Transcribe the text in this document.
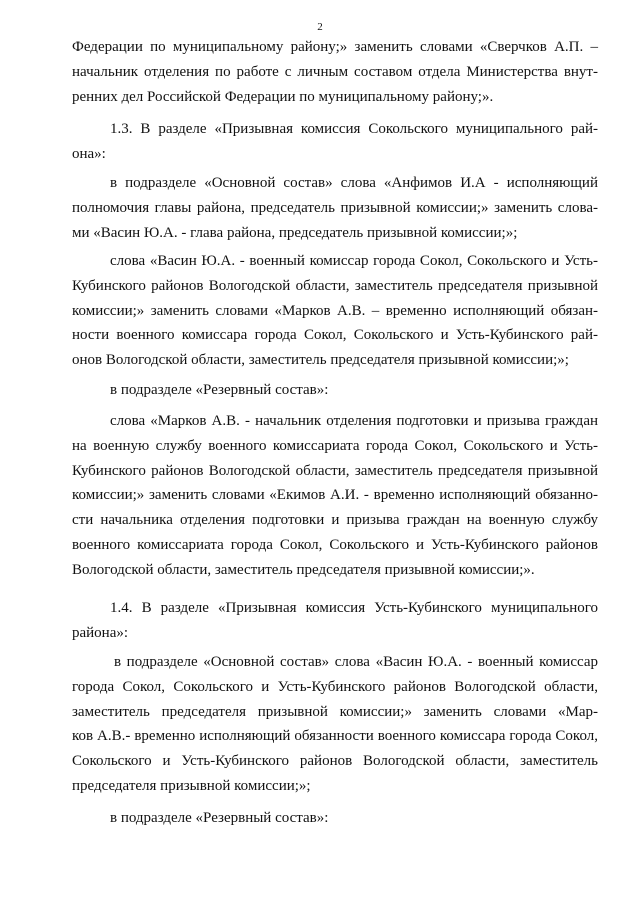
2
Федерации по муниципальному району;» заменить словами «Сверчков А.П. –
начальник отделения по работе с личным составом отдела Министерства внут-
ренних дел Российской Федерации по муниципальному району;».
1.3. В разделе «Призывная комиссия Сокольского муниципального рай-
она»:
в подразделе «Основной состав» слова «Анфимов И.А - исполняющий
полномочия главы района, председатель призывной комиссии;» заменить слова-
ми «Васин Ю.А. - глава района, председатель призывной комиссии;»;
слова «Васин Ю.А. - военный комиссар города Сокол, Сокольского и Усть-
Кубинского районов Вологодской области, заместитель председателя призывной
комиссии;» заменить словами «Марков А.В. – временно исполняющий обязан-
ности военного комиссара города Сокол, Сокольского и Усть-Кубинского рай-
онов Вологодской области, заместитель председателя призывной комиссии;»;
в подразделе «Резервный состав»:
слова «Марков А.В. - начальник отделения подготовки и призыва граждан
на военную службу военного комиссариата города Сокол, Сокольского и Усть-
Кубинского районов Вологодской области, заместитель председателя призывной
комиссии;» заменить словами «Екимов А.И. - временно исполняющий обязанно-
сти начальника отделения подготовки и призыва граждан на военную службу
военного комиссариата города Сокол, Сокольского и Усть-Кубинского районов
Вологодской области, заместитель председателя призывной комиссии;».
1.4. В разделе «Призывная комиссия Усть-Кубинского муниципального
района»:
в подразделе «Основной состав» слова «Васин Ю.А. - военный комиссар
города Сокол, Сокольского и Усть-Кубинского районов Вологодской области,
заместитель председателя призывной комиссии;» заменить словами «Мар-
ков А.В.- временно исполняющий обязанности военного комиссара города Сокол,
Сокольского и Усть-Кубинского районов Вологодской области, заместитель
председателя призывной комиссии;»;
в подразделе «Резервный состав»:
